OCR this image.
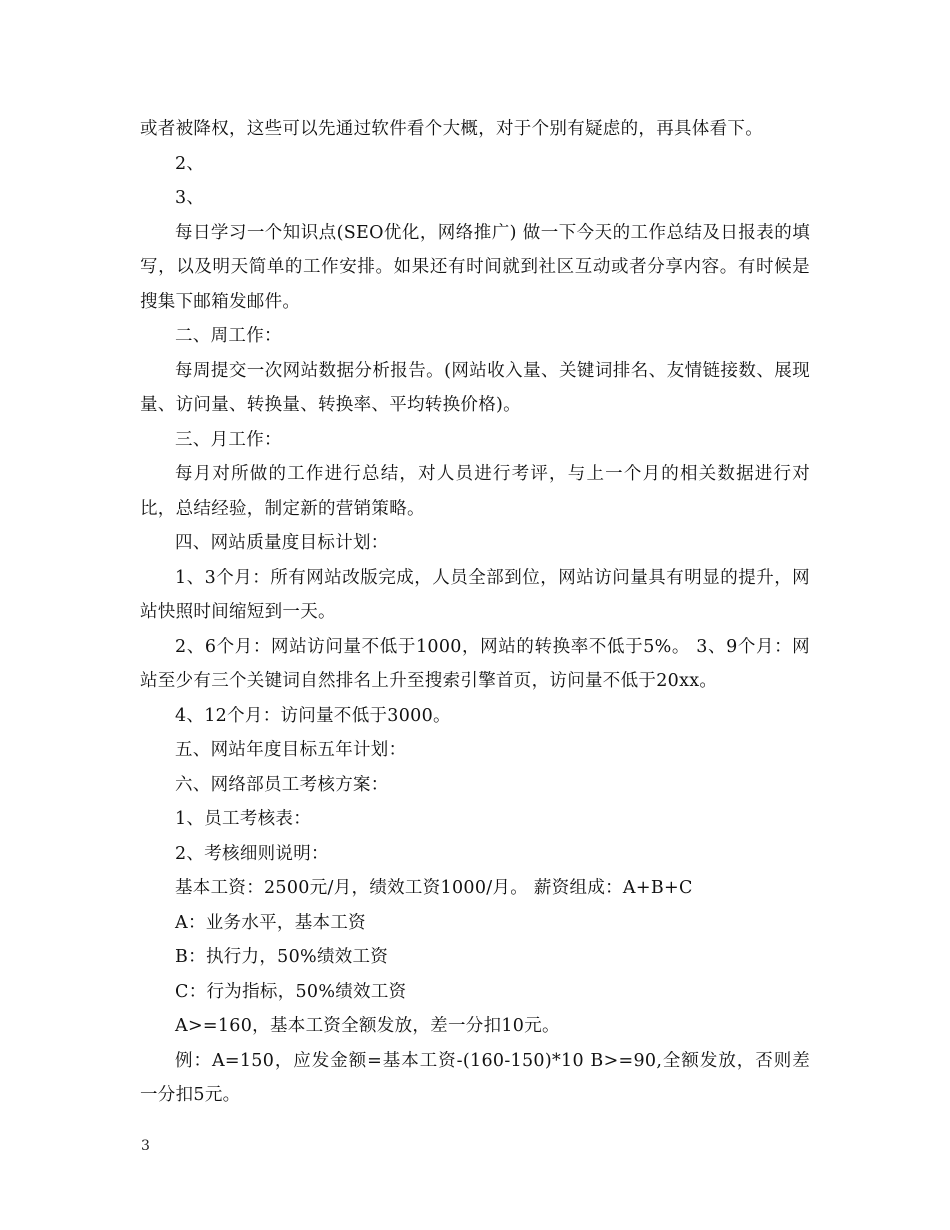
或者被降权，这些可以先通过软件看个大概，对于个别有疑虑的，再具体看下。

2、

3、

每日学习一个知识点(SEO优化，网络推广) 做一下今天的工作总结及日报表的填写，以及明天简单的工作安排。如果还有时间就到社区互动或者分享内容。有时候是搜集下邮箱发邮件。

二、周工作：

每周提交一次网站数据分析报告。(网站收入量、关键词排名、友情链接数、展现量、访问量、转换量、转换率、平均转换价格)。

三、月工作：

每月对所做的工作进行总结，对人员进行考评，与上一个月的相关数据进行对比，总结经验，制定新的营销策略。

四、网站质量度目标计划：

1、3个月：所有网站改版完成，人员全部到位，网站访问量具有明显的提升，网站快照时间缩短到一天。

2、6个月：网站访问量不低于1000，网站的转换率不低于5%。 3、9个月：网站至少有三个关键词自然排名上升至搜索引擎首页，访问量不低于20xx。

4、12个月：访问量不低于3000。

五、网站年度目标五年计划：

六、网络部员工考核方案：

1、员工考核表：

2、考核细则说明：

基本工资：2500元/月，绩效工资1000/月。 薪资组成：A+B+C

A：业务水平，基本工资

B：执行力，50%绩效工资

C：行为指标，50%绩效工资

A>=160，基本工资全额发放，差一分扣10元。

例：A=150，应发金额=基本工资-(160-150)*10 B>=90,全额发放，否则差一分扣5元。

3
